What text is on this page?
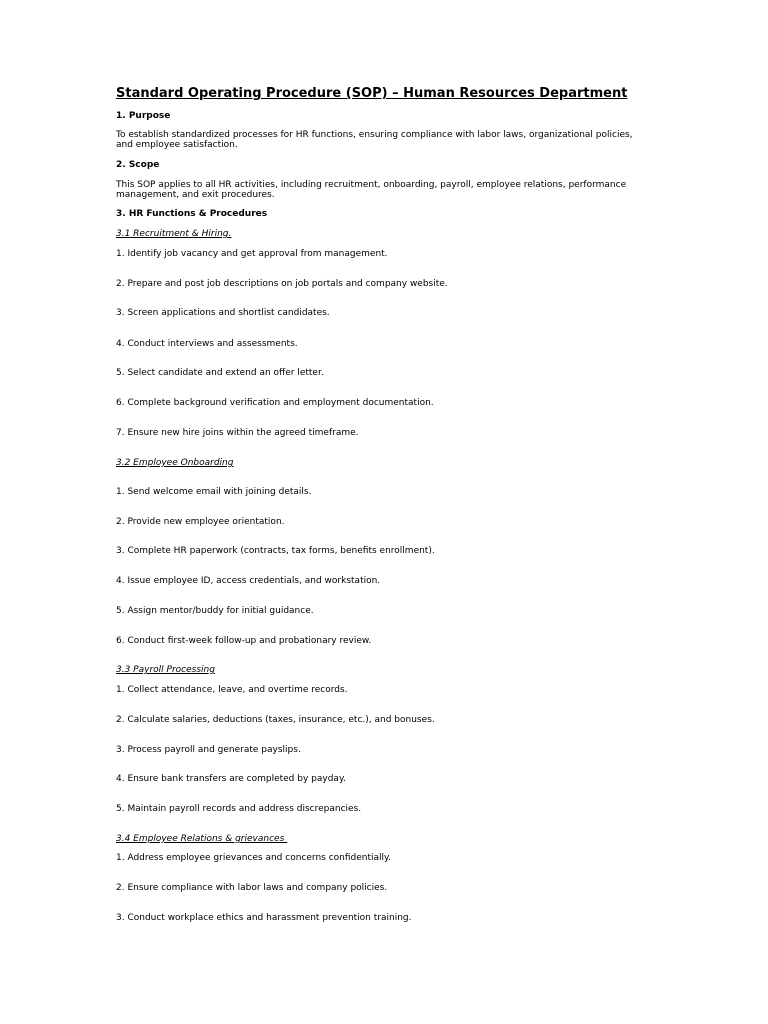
Standard Operating Procedure (SOP) – Human Resources Department
1. Purpose
To establish standardized processes for HR functions, ensuring compliance with labor laws, organizational policies, and employee satisfaction.
2. Scope
This SOP applies to all HR activities, including recruitment, onboarding, payroll, employee relations, performance management, and exit procedures.
3. HR Functions & Procedures
3.1 Recruitment & Hiring.
1. Identify job vacancy and get approval from management.
2. Prepare and post job descriptions on job portals and company website.
3. Screen applications and shortlist candidates.
4. Conduct interviews and assessments.
5. Select candidate and extend an offer letter.
6. Complete background verification and employment documentation.
7. Ensure new hire joins within the agreed timeframe.
3.2 Employee Onboarding
1. Send welcome email with joining details.
2. Provide new employee orientation.
3. Complete HR paperwork (contracts, tax forms, benefits enrollment).
4. Issue employee ID, access credentials, and workstation.
5. Assign mentor/buddy for initial guidance.
6. Conduct first-week follow-up and probationary review.
3.3 Payroll Processing
1. Collect attendance, leave, and overtime records.
2. Calculate salaries, deductions (taxes, insurance, etc.), and bonuses.
3. Process payroll and generate payslips.
4. Ensure bank transfers are completed by payday.
5. Maintain payroll records and address discrepancies.
3.4 Employee Relations & grievances
1. Address employee grievances and concerns confidentially.
2. Ensure compliance with labor laws and company policies.
3. Conduct workplace ethics and harassment prevention training.
